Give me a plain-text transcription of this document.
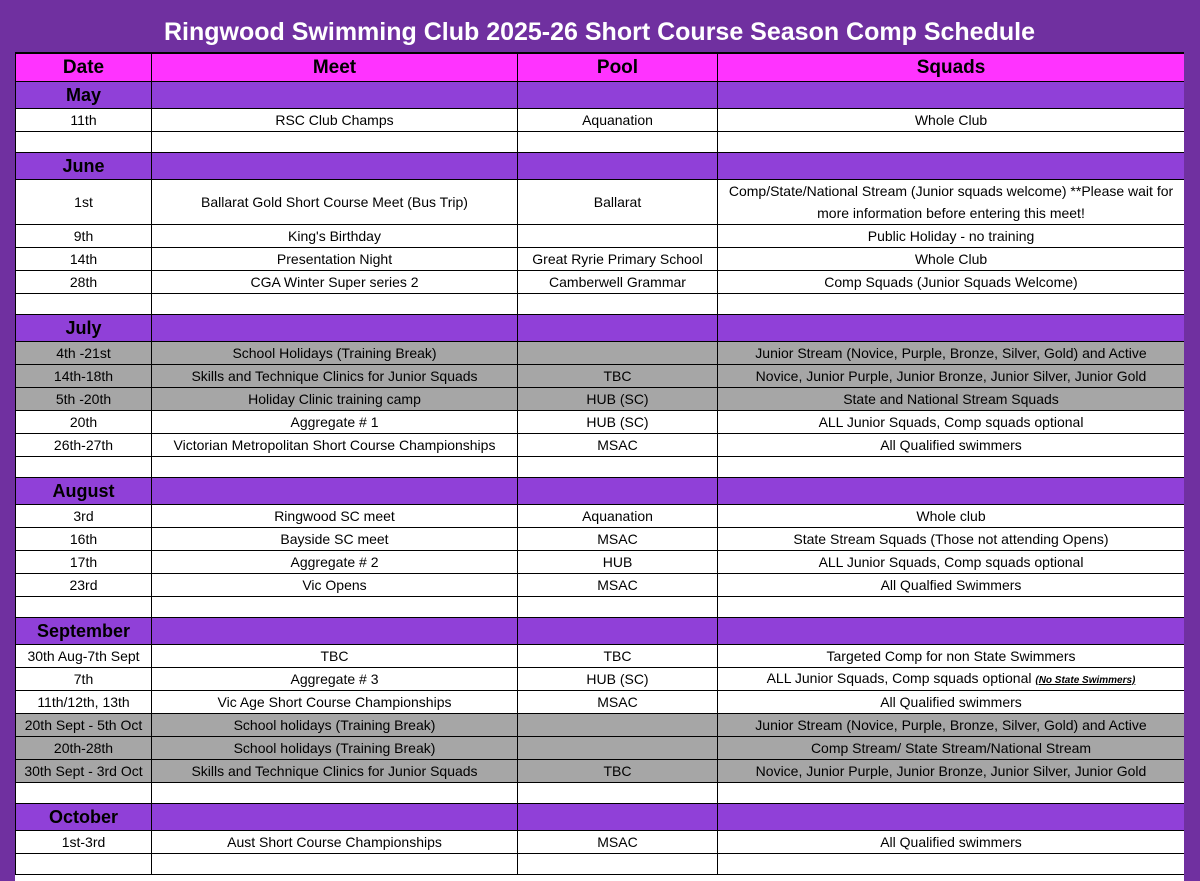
Ringwood Swimming Club 2025-26 Short Course Season Comp Schedule
Date	Meet	Pool	Squads
May			
11th	RSC Club Champs	Aquanation	Whole Club

June			
1st	Ballarat Gold Short Course Meet (Bus Trip)	Ballarat	Comp/State/National Stream (Junior squads welcome) **Please wait for more information before entering this meet!
9th	King's Birthday		Public Holiday - no training
14th	Presentation Night	Great Ryrie Primary School	Whole Club
28th	CGA Winter Super series 2	Camberwell Grammar	Comp Squads (Junior Squads Welcome)

July			
4th -21st	School Holidays (Training Break)		Junior Stream (Novice, Purple, Bronze, Silver, Gold) and Active
14th-18th	Skills and Technique Clinics for Junior Squads	TBC	Novice, Junior Purple, Junior Bronze, Junior Silver, Junior Gold
5th -20th	Holiday Clinic training camp	HUB (SC)	State and National Stream Squads
20th	Aggregate # 1	HUB (SC)	ALL Junior Squads, Comp squads optional
26th-27th	Victorian Metropolitan Short Course Championships	MSAC	All Qualified swimmers

August			
3rd	Ringwood SC meet	Aquanation	Whole club
16th	Bayside SC meet	MSAC	State Stream Squads (Those not attending Opens)
17th	Aggregate # 2	HUB	ALL Junior Squads, Comp squads optional
23rd	Vic Opens	MSAC	All Qualfied Swimmers

September			
30th Aug-7th Sept	TBC	TBC	Targeted Comp for non State Swimmers
7th	Aggregate # 3	HUB (SC)	ALL Junior Squads, Comp squads optional (No State Swimmers)
11th/12th, 13th	Vic Age Short Course Championships	MSAC	All Qualified swimmers
20th Sept - 5th Oct	School holidays (Training Break)		Junior Stream (Novice, Purple, Bronze, Silver, Gold) and Active
20th-28th	School holidays (Training Break)		Comp Stream/ State Stream/National Stream
30th Sept - 3rd Oct	Skills and Technique Clinics for Junior Squads	TBC	Novice, Junior Purple, Junior Bronze, Junior Silver, Junior Gold

October			
1st-3rd	Aust Short Course Championships	MSAC	All Qualified swimmers
